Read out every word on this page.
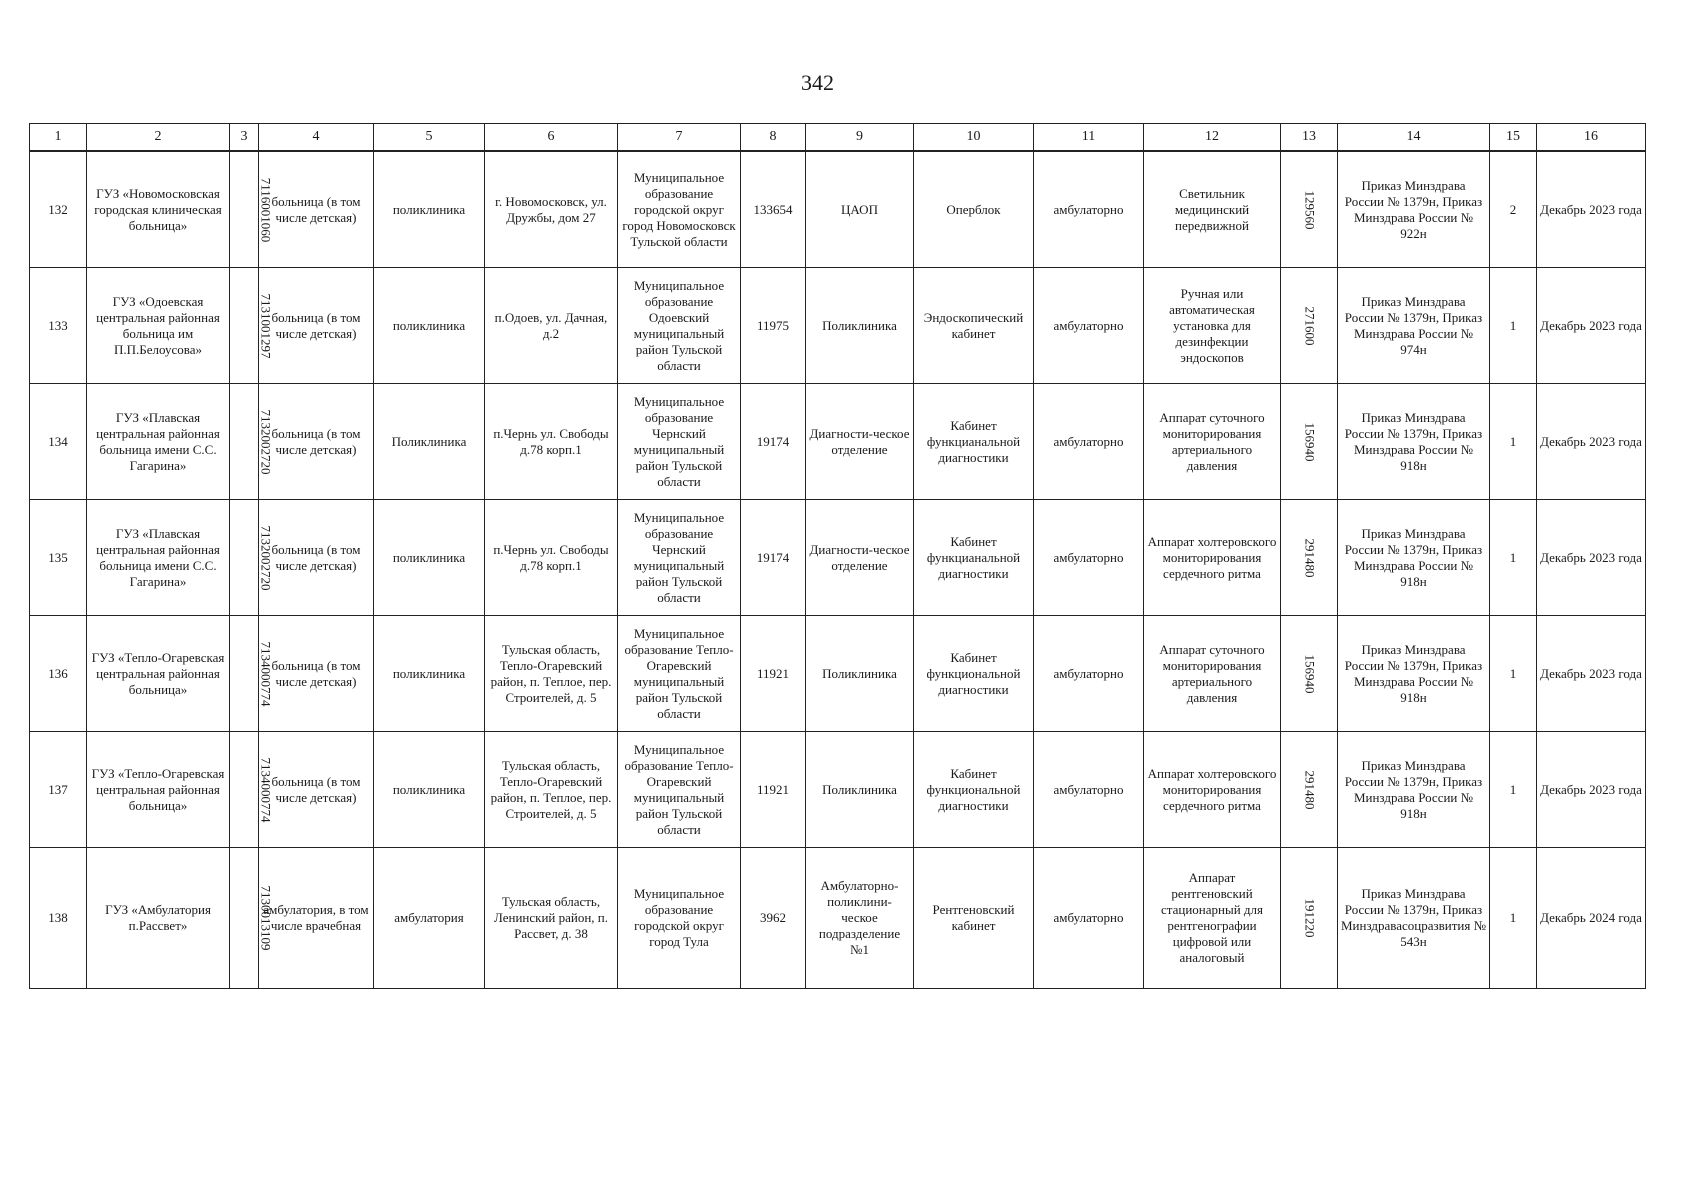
342
1	2	3	4	5	6	7	8	9	10	11	12	13	14	15	16
132	ГУЗ «Новомосковская городская клиническая больница»	7116001060	больница (в том числе детская)	поликлиника	г. Новомосковск, ул. Дружбы, дом 27	Муниципальное образование городской округ город Новомосковск Тульской области	133654	ЦАОП	Оперблок	амбулаторно	Светильник медицинский передвижной	129560	Приказ Минздрава России № 1379н, Приказ Минздрава России № 922н	2	Декабрь 2023 года
133	ГУЗ «Одоевская центральная районная больница им П.П.Белоусова»	7131001297	больница (в том числе детская)	поликлиника	п.Одоев, ул. Дачная, д.2	Муниципальное образование Одоевский муниципальный район Тульской области	11975	Поликлиника	Эндоскопический кабинет	амбулаторно	Ручная или автоматическая установка для дезинфекции эндоскопов	271600	Приказ Минздрава России № 1379н, Приказ Минздрава России № 974н	1	Декабрь 2023 года
134	ГУЗ «Плавская центральная районная больница имени С.С. Гагарина»	7132002720	больница (в том числе детская)	Поликлиника	п.Чернь ул. Свободы д.78 корп.1	Муниципальное образование Чернский муниципальный район Тульской области	19174	Диагности-ческое отделение	Кабинет функцианальной диагностики	амбулаторно	Аппарат суточного мониторирования артериального давления	156940	Приказ Минздрава России № 1379н, Приказ Минздрава России № 918н	1	Декабрь 2023 года
135	ГУЗ «Плавская центральная районная больница имени С.С. Гагарина»	7132002720	больница (в том числе детская)	поликлиника	п.Чернь ул. Свободы д.78 корп.1	Муниципальное образование Чернский муниципальный район Тульской области	19174	Диагности-ческое отделение	Кабинет функцианальной диагностики	амбулаторно	Аппарат холтеровского мониторирования сердечного ритма	291480	Приказ Минздрава России № 1379н, Приказ Минздрава России № 918н	1	Декабрь 2023 года
136	ГУЗ «Тепло-Огаревская центральная районная больница»	7134000774	больница (в том числе детская)	поликлиника	Тульская область, Тепло-Огаревский район, п. Теплое, пер. Строителей, д. 5	Муниципальное образование Тепло-Огаревский муниципальный район Тульской области	11921	Поликлиника	Кабинет функциональной диагностики	амбулаторно	Аппарат суточного мониторирования артериального давления	156940	Приказ Минздрава России № 1379н, Приказ Минздрава России № 918н	1	Декабрь 2023 года
137	ГУЗ «Тепло-Огаревская центральная районная больница»	7134000774	больница (в том числе детская)	поликлиника	Тульская область, Тепло-Огаревский район, п. Теплое, пер. Строителей, д. 5	Муниципальное образование Тепло-Огаревский муниципальный район Тульской области	11921	Поликлиника	Кабинет функциональной диагностики	амбулаторно	Аппарат холтеровского мониторирования сердечного ритма	291480	Приказ Минздрава России № 1379н, Приказ Минздрава России № 918н	1	Декабрь 2023 года
138	ГУЗ «Амбулатория п.Рассвет»	7130013109	амбулатория, в том числе врачебная	амбулатория	Тульская область, Ленинский район, п. Рассвет, д. 38	Муниципальное образование городской округ город Тула	3962	Амбулаторно-поликлини-ческое подразделение №1	Рентгеновский кабинет	амбулаторно	Аппарат рентгеновский стационарный для рентгенографии цифровой или аналоговый	191220	Приказ Минздрава России № 1379н, Приказ Минздравасоцразвития № 543н	1	Декабрь 2024 года
